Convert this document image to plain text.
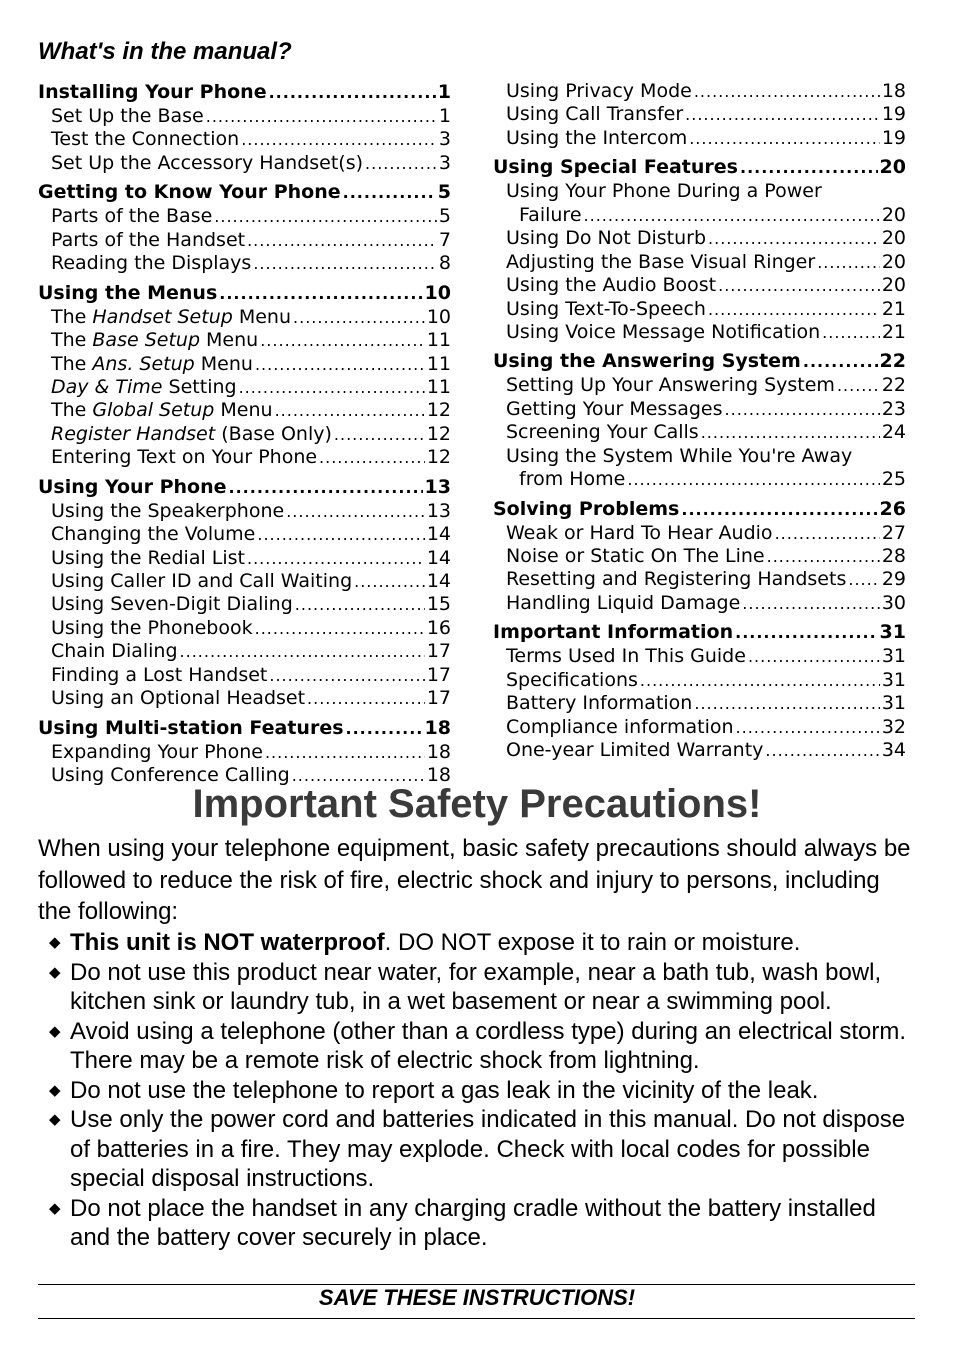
What's in the manual?
Installing Your Phone .....	1
Set Up the Base .....	1
Test the Connection .....	3
Set Up the Accessory Handset(s) .....	3
Getting to Know Your Phone .....	5
Parts of the Base .....	5
Parts of the Handset .....	7
Reading the Displays .....	8
Using the Menus .....	10
The Handset Setup Menu .....	10
The Base Setup Menu .....	11
The Ans. Setup Menu .....	11
Day & Time Setting .....	11
The Global Setup Menu .....	12
Register Handset (Base Only) .....	12
Entering Text on Your Phone .....	12
Using Your Phone .....	13
Using the Speakerphone .....	13
Changing the Volume .....	14
Using the Redial List .....	14
Using Caller ID and Call Waiting .....	14
Using Seven-Digit Dialing .....	15
Using the Phonebook .....	16
Chain Dialing .....	17
Finding a Lost Handset .....	17
Using an Optional Headset .....	17
Using Multi-station Features .....	18
Expanding Your Phone .....	18
Using Conference Calling .....	18
Using Privacy Mode .....	18
Using Call Transfer .....	19
Using the Intercom .....	19
Using Special Features .....	20
Using Your Phone During a Power
Failure .....	20
Using Do Not Disturb .....	20
Adjusting the Base Visual Ringer .....	20
Using the Audio Boost .....	20
Using Text-To-Speech .....	21
Using Voice Message Notification .....	21
Using the Answering System .....	22
Setting Up Your Answering System ..... 22
Getting Your Messages .....	23
Screening Your Calls .....	24
Using the System While You're Away
from Home .....	25
Solving Problems .....	26
Weak or Hard To Hear Audio .....	27
Noise or Static On The Line .....	28
Resetting and Registering Handsets ..... 29
Handling Liquid Damage .....	30
Important Information .....	31
Terms Used In This Guide .....	31
Specifications .....	31
Battery Information .....	31
Compliance information .....	32
One-year Limited Warranty .....	34
Important Safety Precautions!
When using your telephone equipment, basic safety precautions should always be followed to reduce the risk of fire, electric shock and injury to persons, including the following:
◆ This unit is NOT waterproof. DO NOT expose it to rain or moisture.
◆ Do not use this product near water, for example, near a bath tub, wash bowl, kitchen sink or laundry tub, in a wet basement or near a swimming pool.
◆ Avoid using a telephone (other than a cordless type) during an electrical storm. There may be a remote risk of electric shock from lightning.
◆ Do not use the telephone to report a gas leak in the vicinity of the leak.
◆ Use only the power cord and batteries indicated in this manual. Do not dispose of batteries in a fire. They may explode. Check with local codes for possible special disposal instructions.
◆ Do not place the handset in any charging cradle without the battery installed and the battery cover securely in place.
SAVE THESE INSTRUCTIONS!
